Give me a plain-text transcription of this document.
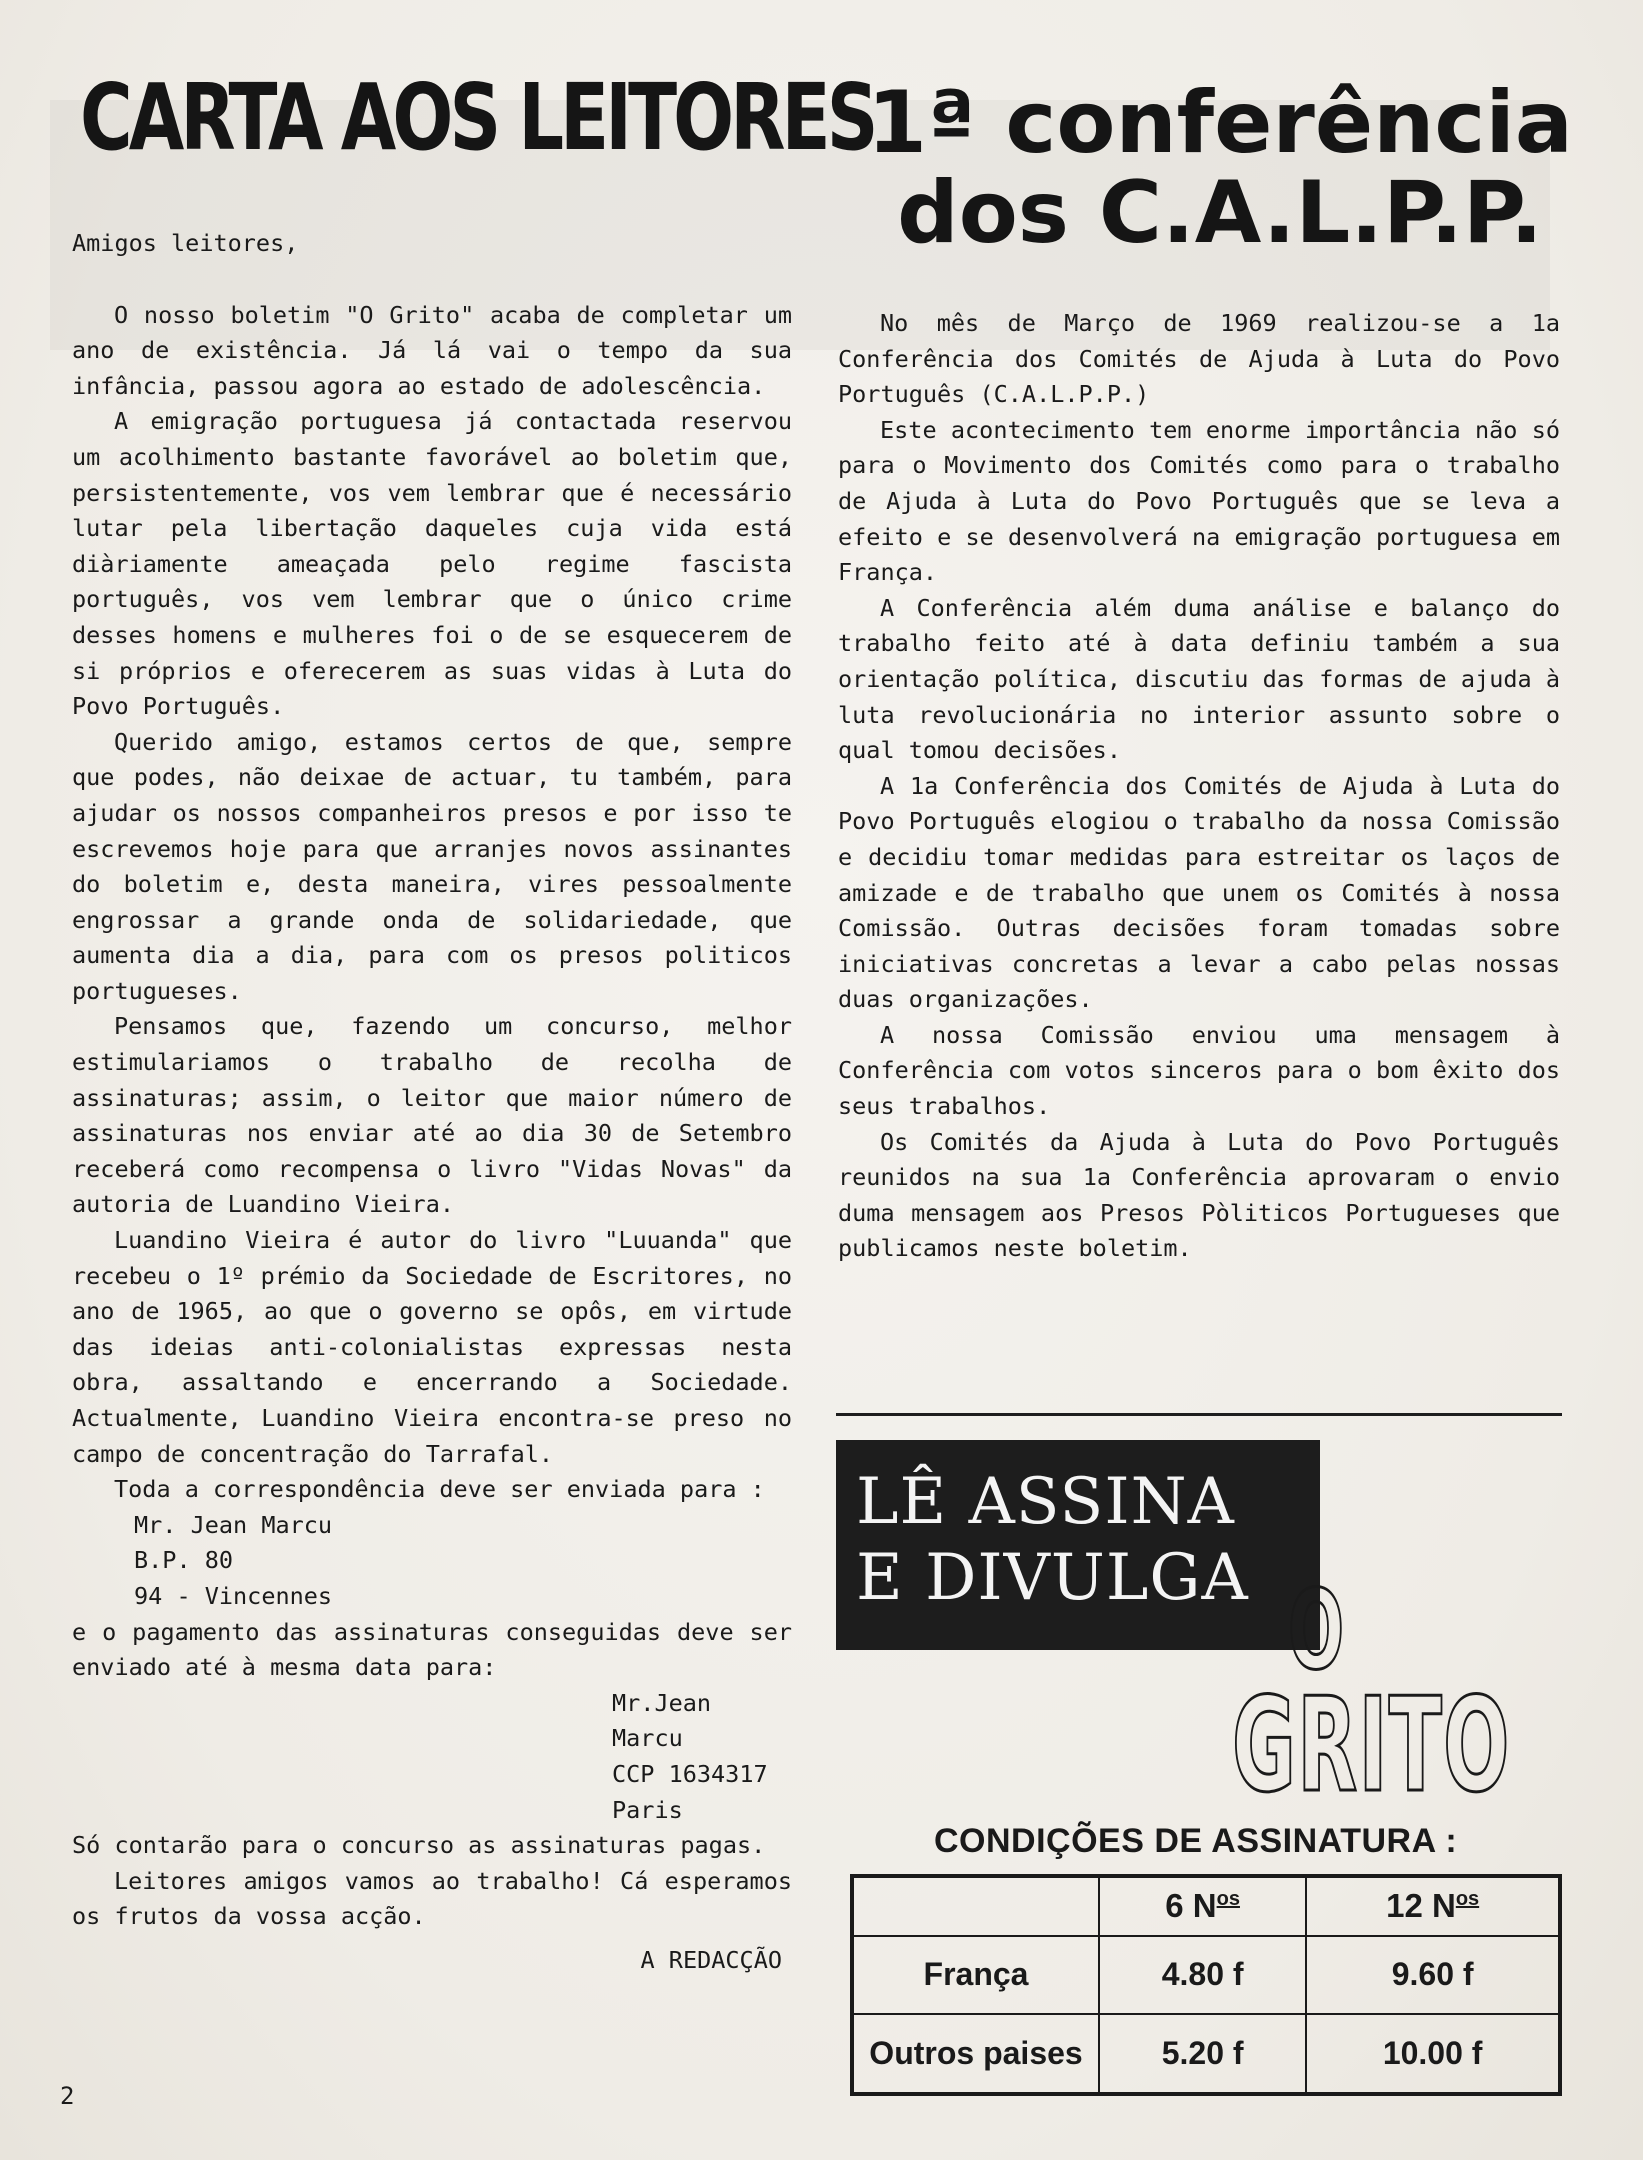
CARTA AOS LEITORES

Amigos leitores,

O nosso boletim "O Grito" acaba de completar um ano de existência. Já lá vai o tempo da sua infância, passou agora ao estado de adolescência.

A emigração portuguesa já contactada reservou um acolhimento bastante favorável ao boletim que, persistentemente, vos vem lembrar que é necessário lutar pela libertação daqueles cuja vida está diàriamente ameaçada pelo regime fascista português, vos vem lembrar que o único crime desses homens e mulheres foi o de se esquecerem de si próprios e oferecerem as suas vidas à Luta do Povo Português.

Querido amigo, estamos certos de que, sempre que podes, não deixae de actuar, tu também, para ajudar os nossos companheiros presos e por isso te escrevemos hoje para que arranjes novos assinantes do boletim e, desta maneira, vires pessoalmente engrossar a grande onda de solidariedade, que aumenta dia a dia, para com os presos politicos portugueses.

Pensamos que, fazendo um concurso, melhor estimulariamos o trabalho de recolha de assinaturas; assim, o leitor que maior número de assinaturas nos enviar até ao dia 30 de Setembro receberá como recompensa o livro "Vidas Novas" da autoria de Luandino Vieira.

Luandino Vieira é autor do livro "Luuanda" que recebeu o 1º prémio da Sociedade de Escritores, no ano de 1965, ao que o governo se opôs, em virtude das ideias anti-colonialistas expressas nesta obra, assaltando e encerrando a Sociedade. Actualmente, Luandino Vieira encontra-se preso no campo de concentração do Tarrafal.

Toda a correspondência deve ser enviada para :

Mr. Jean Marcu

B.P. 80

94 - Vincennes

e o pagamento das assinaturas conseguidas deve ser enviado até à mesma data para:

Mr.Jean Marcu

CCP 1634317

Paris

Só contarão para o concurso as assinaturas pagas.

Leitores amigos vamos ao trabalho! Cá esperamos os frutos da vossa acção.

A REDACÇÃO

2
1ª conferência
dos C.A.L.P.P.

No mês de Março de 1969 realizou-se a 1a Conferência dos Comités de Ajuda à Luta do Povo Português (C.A.L.P.P.)

Este acontecimento tem enorme importância não só para o Movimento dos Comités como para o trabalho de Ajuda à Luta do Povo Português que se leva a efeito e se desenvolverá na emigração portuguesa em França.

A Conferência além duma análise e balanço do trabalho feito até à data definiu também a sua orientação política, discutiu das formas de ajuda à luta revolucionária no interior assunto sobre o qual tomou decisões.

A 1a Conferência dos Comités de Ajuda à Luta do Povo Português elogiou o trabalho da nossa Comissão e decidiu tomar medidas para estreitar os laços de amizade e de trabalho que unem os Comités à nossa Comissão. Outras decisões foram tomadas sobre iniciativas concretas a levar a cabo pelas nossas duas organizações.

A nossa Comissão enviou uma mensagem à Conferência com votos sinceros para o bom êxito dos seus trabalhos.

Os Comités da Ajuda à Luta do Povo Português reunidos na sua 1a Conferência aprovaram o envio duma mensagem aos Presos Pòliticos Portugueses que publicamos neste boletim.

LÊ ASSINA
E DIVULGA O
GRITO
CONDIÇÕES DE ASSINATURA :
	6 $N^{os}$	12 $N^{os}$
França	4.80 f	9.60 f
Outros paises	5.20 f	10.00 f
